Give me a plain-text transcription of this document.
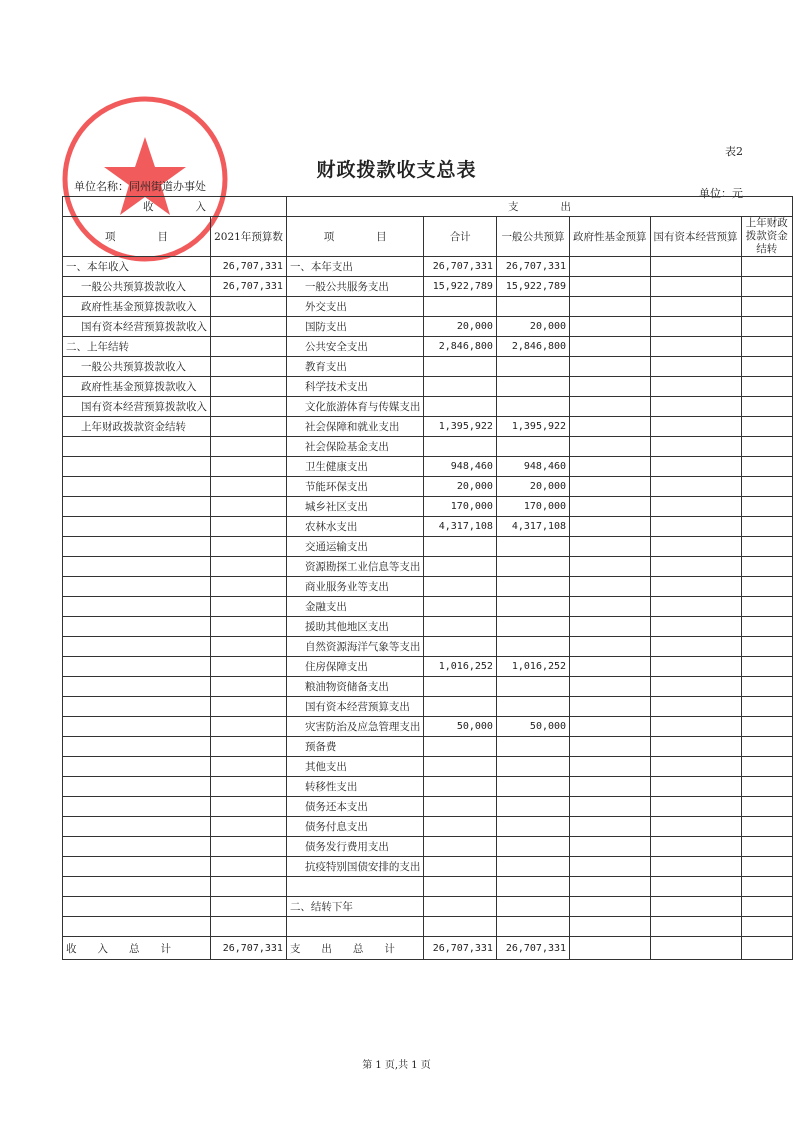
表2
财政拨款收支总表
单位名称：同州街道办事处
单位：元
收　　　　入		支　　　　出					
项　　　　目	2021年预算数	项　　　　目	合计	一般公共预算	政府性基金预算	国有资本经营预算	上年财政拨款资金结转
一、本年收入	26,707,331	一、本年支出	26,707,331	26,707,331			
一般公共预算拨款收入	26,707,331	一般公共服务支出	15,922,789	15,922,789			
政府性基金预算拨款收入		外交支出					
国有资本经营预算拨款收入		国防支出	20,000	20,000			
二、上年结转		公共安全支出	2,846,800	2,846,800			
一般公共预算拨款收入		教育支出					
政府性基金预算拨款收入		科学技术支出					
国有资本经营预算拨款收入		文化旅游体育与传媒支出					
上年财政拨款资金结转		社会保障和就业支出	1,395,922	1,395,922			
		社会保险基金支出					
		卫生健康支出	948,460	948,460			
		节能环保支出	20,000	20,000			
		城乡社区支出	170,000	170,000			
		农林水支出	4,317,108	4,317,108			
		交通运输支出					
		资源勘探工业信息等支出					
		商业服务业等支出					
		金融支出					
		援助其他地区支出					
		自然资源海洋气象等支出					
		住房保障支出	1,016,252	1,016,252			
		粮油物资储备支出					
		国有资本经营预算支出					
		灾害防治及应急管理支出	50,000	50,000			
		预备费					
		其他支出					
		转移性支出					
		债务还本支出					
		债务付息支出					
		债务发行费用支出					
		抗疫特别国债安排的支出					

		二、结转下年					

收　　入　　总　　计	26,707,331	支　　出　　总　　计	26,707,331	26,707,331			
第 1 页,共 1 页
